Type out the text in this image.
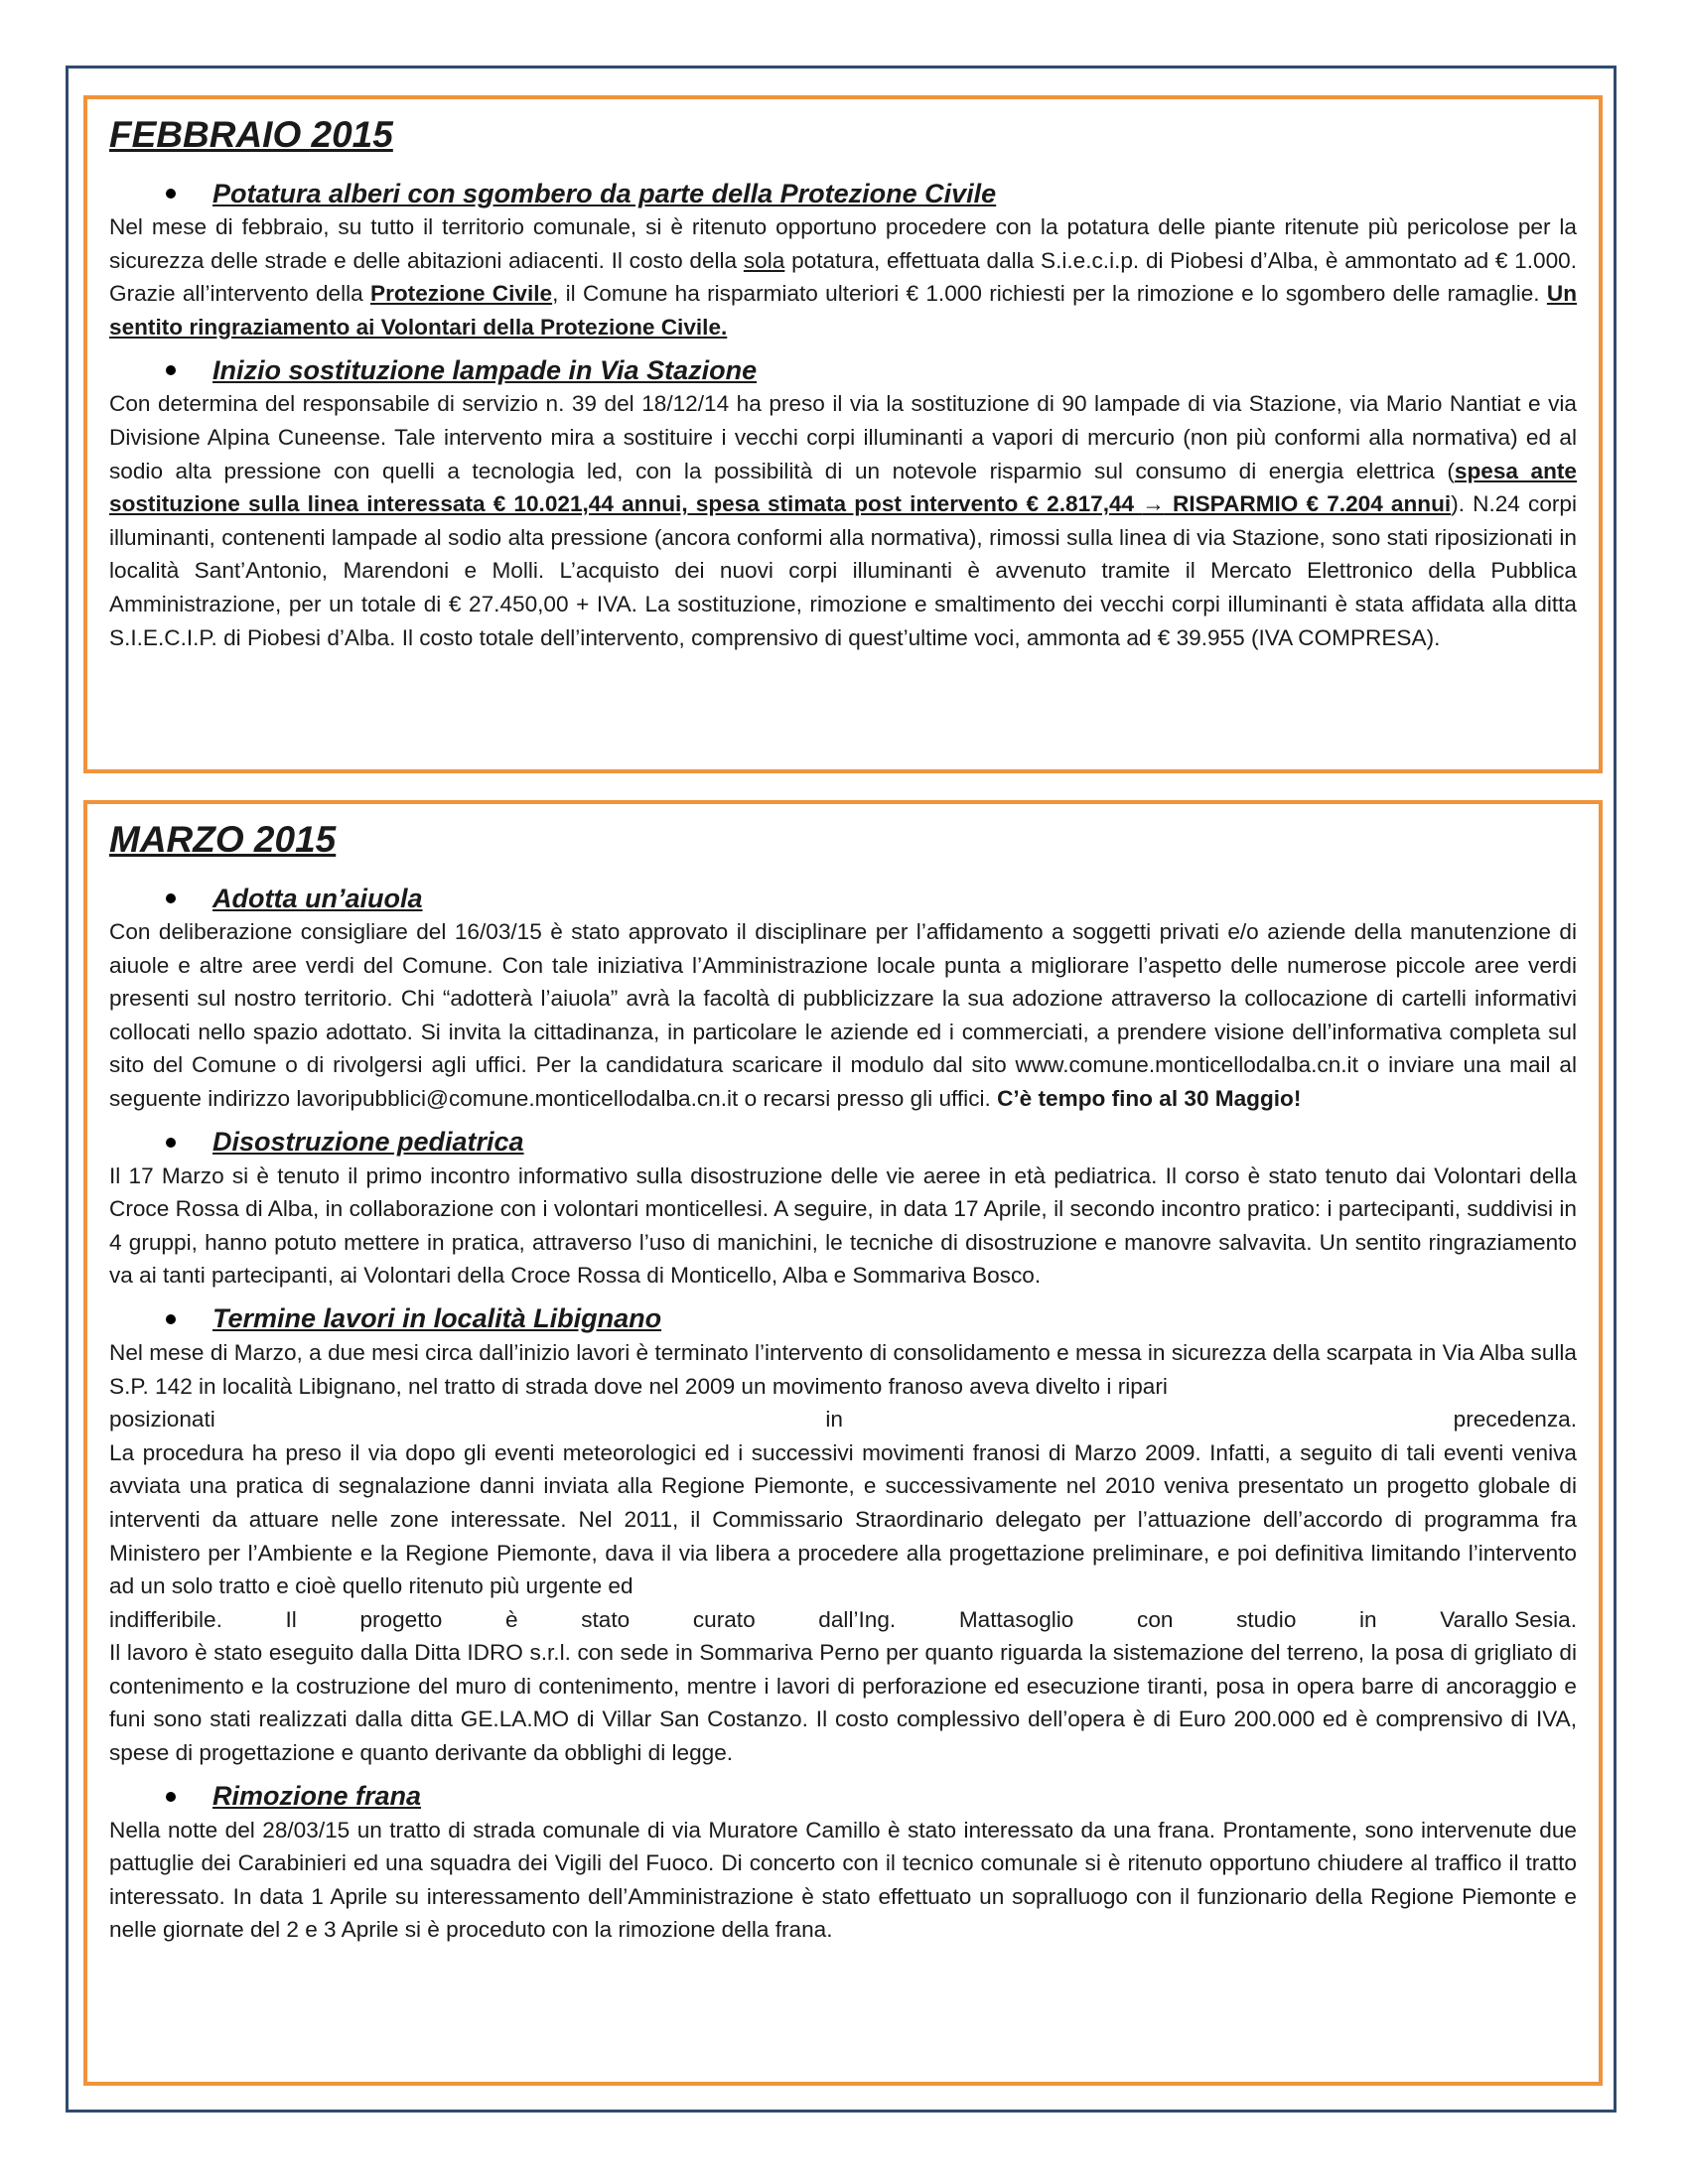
FEBBRAIO 2015
Potatura alberi con sgombero da parte della Protezione Civile

Nel mese di febbraio, su tutto il territorio comunale, si è ritenuto opportuno procedere con la potatura delle piante ritenute più pericolose per la sicurezza delle strade e delle abitazioni adiacenti. Il costo della sola potatura, effettuata dalla S.i.e.c.i.p. di Piobesi d’Alba, è ammontato ad € 1.000. Grazie all’intervento della Protezione Civile, il Comune ha risparmiato ulteriori € 1.000 richiesti per la rimozione e lo sgombero delle ramaglie. Un sentito ringraziamento ai Volontari della Protezione Civile.

Inizio sostituzione lampade in Via Stazione

Con determina del responsabile di servizio n. 39 del 18/12/14 ha preso il via la sostituzione di 90 lampade di via Stazione, via Mario Nantiat e via Divisione Alpina Cuneense. Tale intervento mira a sostituire i vecchi corpi illuminanti a vapori di mercurio (non più conformi alla normativa) ed al sodio alta pressione con quelli a tecnologia led, con la possibilità di un notevole risparmio sul consumo di energia elettrica (spesa ante sostituzione sulla linea interessata € 10.021,44 annui, spesa stimata post intervento € 2.817,44 → RISPARMIO € 7.204 annui). N.24 corpi illuminanti, contenenti lampade al sodio alta pressione (ancora conformi alla normativa), rimossi sulla linea di via Stazione, sono stati riposizionati in località Sant’Antonio, Marendoni e Molli. L’acquisto dei nuovi corpi illuminanti è avvenuto tramite il Mercato Elettronico della Pubblica Amministrazione, per un totale di € 27.450,00 + IVA. La sostituzione, rimozione e smaltimento dei vecchi corpi illuminanti è stata affidata alla ditta S.I.E.C.I.P. di Piobesi d’Alba. Il costo totale dell’intervento, comprensivo di quest’ultime voci, ammonta ad € 39.955 (IVA COMPRESA).

MARZO 2015
Adotta un’aiuola

Con deliberazione consigliare del 16/03/15 è stato approvato il disciplinare per l’affidamento a soggetti privati e/o aziende della manutenzione di aiuole e altre aree verdi del Comune. Con tale iniziativa l’Amministrazione locale punta a migliorare l’aspetto delle numerose piccole aree verdi presenti sul nostro territorio. Chi “adotterà l’aiuola” avrà la facoltà di pubblicizzare la sua adozione attraverso la collocazione di cartelli informativi collocati nello spazio adottato. Si invita la cittadinanza, in particolare le aziende ed i commerciati, a prendere visione dell’informativa completa sul sito del Comune o di rivolgersi agli uffici. Per la candidatura scaricare il modulo dal sito www.comune.monticellodalba.cn.it o inviare una mail al seguente indirizzo lavoripubblici@comune.monticellodalba.cn.it o recarsi presso gli uffici. C’è tempo fino al 30 Maggio!

Disostruzione pediatrica

Il 17 Marzo si è tenuto il primo incontro informativo sulla disostruzione delle vie aeree in età pediatrica. Il corso è stato tenuto dai Volontari della Croce Rossa di Alba, in collaborazione con i volontari monticellesi. A seguire, in data 17 Aprile, il secondo incontro pratico: i partecipanti, suddivisi in 4 gruppi, hanno potuto mettere in pratica, attraverso l’uso di manichini, le tecniche di disostruzione e manovre salvavita. Un sentito ringraziamento va ai tanti partecipanti, ai Volontari della Croce Rossa di Monticello, Alba e Sommariva Bosco.

Termine lavori in località Libignano

Nel mese di Marzo, a due mesi circa dall’inizio lavori è terminato l’intervento di consolidamento e messa in sicurezza della scarpata in Via Alba sulla S.P. 142 in località Libignano, nel tratto di strada dove nel 2009 un movimento franoso aveva divelto i ripari

posizionati	in	precedenza.

La procedura ha preso il via dopo gli eventi meteorologici ed i successivi movimenti franosi di Marzo 2009. Infatti, a seguito di tali eventi veniva avviata una pratica di segnalazione danni inviata alla Regione Piemonte, e successivamente nel 2010 veniva presentato un progetto globale di interventi da attuare nelle zone interessate. Nel 2011, il Commissario Straordinario delegato per l’attuazione dell’accordo di programma fra Ministero per l’Ambiente e la Regione Piemonte, dava il via libera a procedere alla progettazione preliminare, e poi definitiva limitando l’intervento ad un solo tratto e cioè quello ritenuto più urgente ed

indifferibile.	Il	progetto	è	stato	curato	dall’Ing.	Mattasoglio	con	studio	in	Varallo Sesia.

Il lavoro è stato eseguito dalla Ditta IDRO s.r.l. con sede in Sommariva Perno per quanto riguarda la sistemazione del terreno, la posa di grigliato di contenimento e la costruzione del muro di contenimento, mentre i lavori di perforazione ed esecuzione tiranti, posa in opera barre di ancoraggio e funi sono stati realizzati dalla ditta GE.LA.MO di Villar San Costanzo. Il costo complessivo dell’opera è di Euro 200.000 ed è comprensivo di IVA, spese di progettazione e quanto derivante da obblighi di legge.

Rimozione frana

Nella notte del 28/03/15 un tratto di strada comunale di via Muratore Camillo è stato interessato da una frana. Prontamente, sono intervenute due pattuglie dei Carabinieri ed una squadra dei Vigili del Fuoco. Di concerto con il tecnico comunale si è ritenuto opportuno chiudere al traffico il tratto interessato. In data 1 Aprile su interessamento dell’Amministrazione è stato effettuato un sopralluogo con il funzionario della Regione Piemonte e nelle giornate del 2 e 3 Aprile si è proceduto con la rimozione della frana.
